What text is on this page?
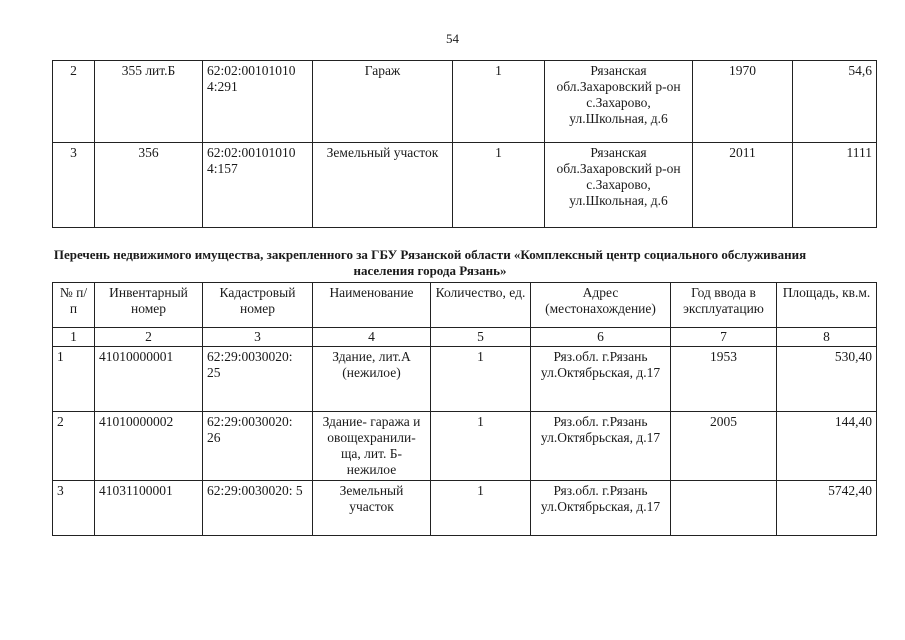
54
2	355 лит.Б	62:02:00101010 4:291	Гараж	1	Рязанская обл.Захаровский р-он с.Захарово, ул.Школьная, д.6	1970	54,6
3	356	62:02:00101010 4:157	Земельный участок	1	Рязанская обл.Захаровский р-он с.Захарово, ул.Школьная, д.6	2011	1111
Перечень недвижимого имущества, закрепленного за ГБУ Рязанской области «Комплексный центр социального обслуживания населения города Рязань»
№ п/п	Инвентарный номер	Кадастровый номер	Наименование	Количество, ед.	Адрес (местонахождение)	Год ввода в эксплуатацию	Площадь, кв.м.
1	2	3	4	5	6	7	8
1	41010000001	62:29:0030020: 25	Здание, лит.А (нежилое)	1	Ряз.обл. г.Рязань ул.Октябрьская, д.17	1953	530,40
2	41010000002	62:29:0030020: 26	Здание- гаража и овощехранили- ща, лит. Б- нежилое	1	Ряз.обл. г.Рязань ул.Октябрьская, д.17	2005	144,40
3	41031100001	62:29:0030020: 5	Земельный участок	1	Ряз.обл. г.Рязань ул.Октябрьская, д.17		5742,40
